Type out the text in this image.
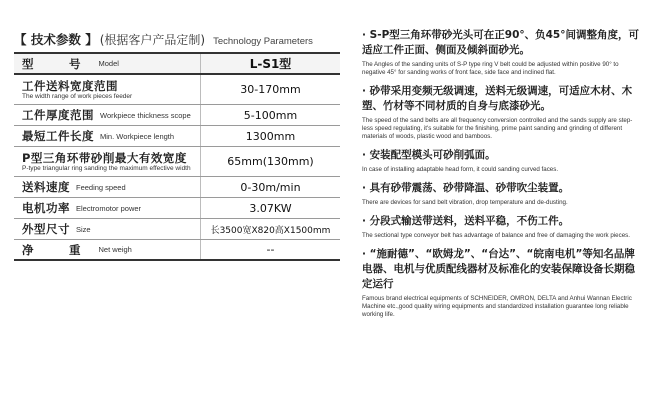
【 技术参数 】 (根据客户产品定制) Technology Parameters
型　号 Model	L-S1型
工件送料宽度范围
The width range of work pieces feeder	30-170mm
工件厚度范围 Workpiece thickness scope	5-100mm
最短工件长度 Min. Workpiece length	1300mm
P型三角环带砂削最大有效宽度
P-type triangular ring sanding the maximum effective width	65mm(130mm)
送料速度 Feeding speed	0-30m/min
电机功率 Electromotor power	3.07KW
外型尺寸 Size	长3500宽X820高X1500mm
净　重 Net weigh	--
· S-P型三角环带砂光头可在正90°、负45°间调整角度，可适应工件正面、侧面及倾斜面砂光。
The Angles of the sanding units of S-P type ring V belt could be adjusted within positive 90° to negative 45° for sanding works of front face, side face and inclined flat.
· 砂带采用变频无级调速，送料无级调速，可适应木材、木塑、竹材等不同材质的自身与底漆砂光。
The speed of the sand belts are all frequency conversion controlled and the sands supply are step-less speed regulating, it's suitable for the finishing, prime paint sanding and grinding of different materials of woods, plastic wood and bamboos.
· 安装配型模头可砂削弧面。
In case of installing adaptable head form, it could sanding curved faces.
· 具有砂带震荡、砂带降温、砂带吹尘装置。
There are devices for sand belt vibration, drop temperature and de-dusting.
· 分段式输送带送料，送料平稳，不伤工件。
The sectional type conveyor belt has advantage of balance and free of damaging the work pieces.
· “施耐德”、“欧姆龙”、“台达”、“皖南电机”等知名品牌电器、电机与优质配线器材及标准化的安装保障设备长期稳定运行
Famous brand electrical equipments of SCHNEIDER, OMRON, DELTA and Anhui Wannan Electric Machine etc.,good quality wiring equipments and standardized installation guarantee long reliable working life.
